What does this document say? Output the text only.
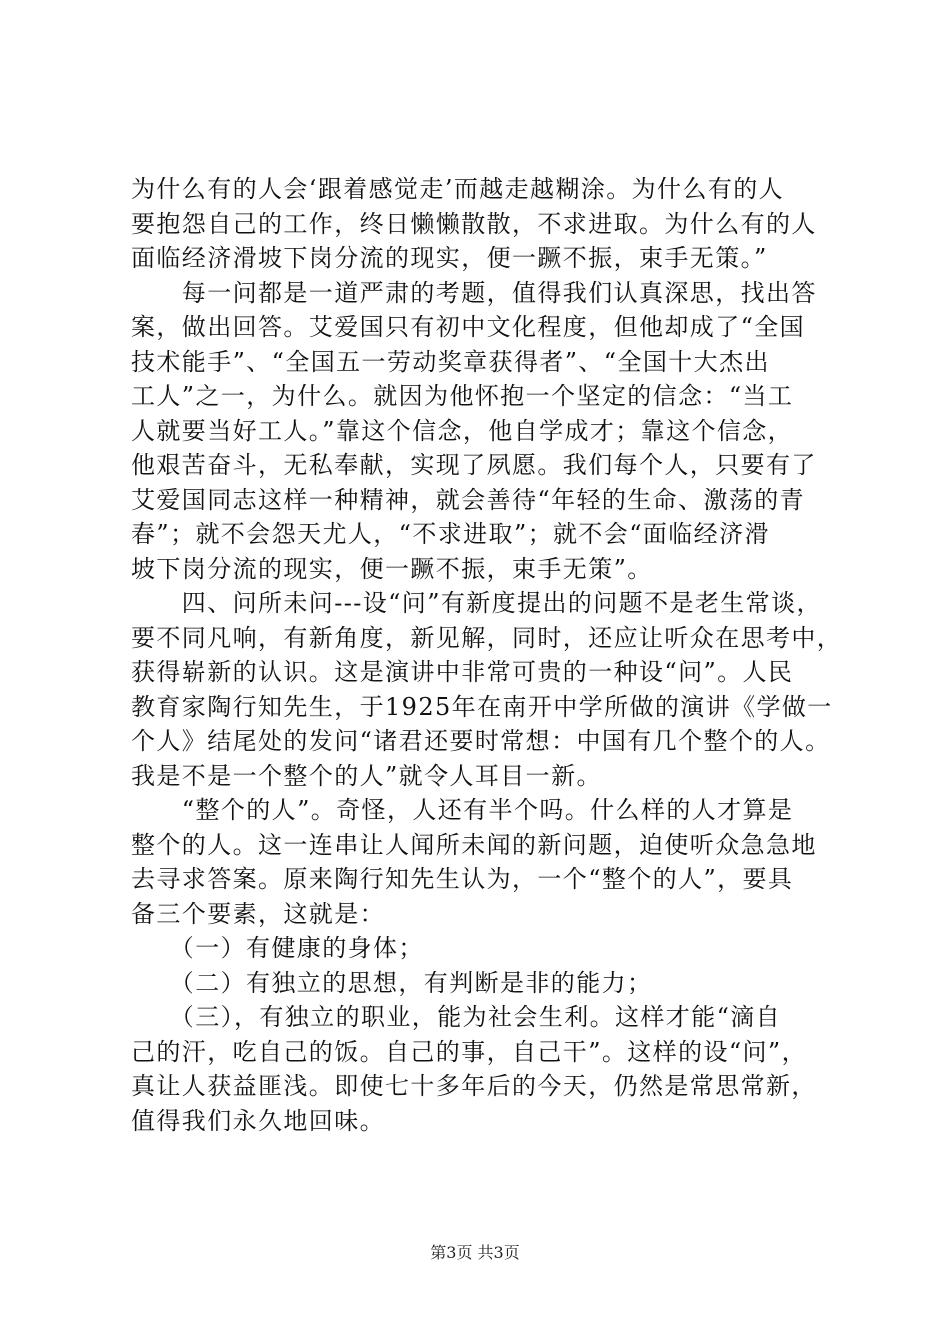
为什么有的人会‘跟着感觉走’而越走越糊涂。为什么有的人
要抱怨自己的工作，终日懒懒散散，不求进取。为什么有的人
面临经济滑坡下岗分流的现实，便一蹶不振，束手无策。”
　　每一问都是一道严肃的考题，值得我们认真深思，找出答
案，做出回答。艾爱国只有初中文化程度，但他却成了“全国
技术能手”、“全国五一劳动奖章获得者”、“全国十大杰出
工人”之一，为什么。就因为他怀抱一个坚定的信念：“当工
人就要当好工人。”靠这个信念，他自学成才；靠这个信念，
他艰苦奋斗，无私奉献，实现了夙愿。我们每个人，只要有了
艾爱国同志这样一种精神，就会善待“年轻的生命、激荡的青
春”；就不会怨天尤人，“不求进取”；就不会“面临经济滑
坡下岗分流的现实，便一蹶不振，束手无策”。
　　四、问所未问---设“问”有新度提出的问题不是老生常谈，
要不同凡响，有新角度，新见解，同时，还应让听众在思考中，
获得崭新的认识。这是演讲中非常可贵的一种设“问”。人民
教育家陶行知先生，于1925年在南开中学所做的演讲《学做一
个人》结尾处的发问“诸君还要时常想：中国有几个整个的人。
我是不是一个整个的人”就令人耳目一新。
　　“整个的人”。奇怪，人还有半个吗。什么样的人才算是
整个的人。这一连串让人闻所未闻的新问题，迫使听众急急地
去寻求答案。原来陶行知先生认为，一个“整个的人”，要具
备三个要素，这就是：
　　（一）有健康的身体；
　　（二）有独立的思想，有判断是非的能力；
　　（三），有独立的职业，能为社会生利。这样才能“滴自
己的汗，吃自己的饭。自己的事，自己干”。这样的设“问”，
真让人获益匪浅。即使七十多年后的今天，仍然是常思常新，
值得我们永久地回味。
第3页 共3页
